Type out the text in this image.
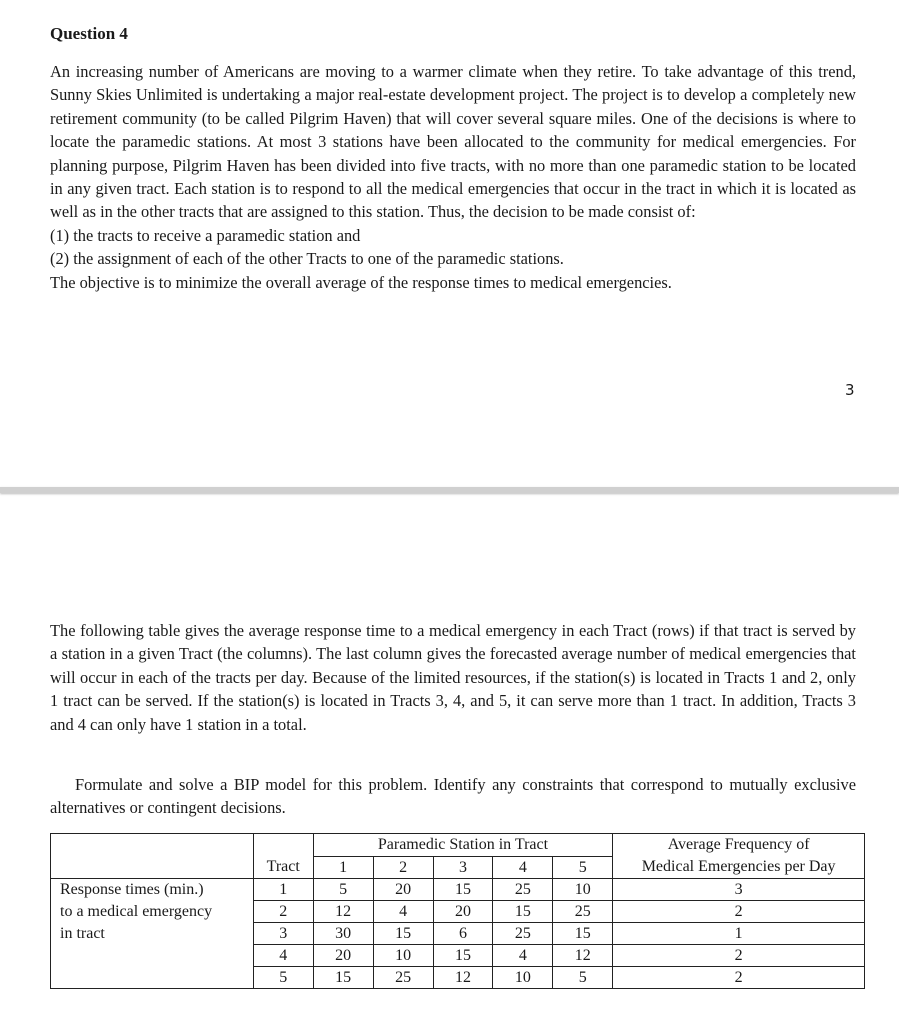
Question 4
An increasing number of Americans are moving to a warmer climate when they retire. To take advantage of this trend, Sunny Skies Unlimited is undertaking a major real-estate development project. The project is to develop a completely new retirement community (to be called Pilgrim Haven) that will cover several square miles. One of the decisions is where to locate the paramedic stations. At most 3 stations have been allocated to the community for medical emergencies. For planning purpose, Pilgrim Haven has been divided into five tracts, with no more than one paramedic station to be located in any given tract. Each station is to respond to all the medical emergencies that occur in the tract in which it is located as well as in the other tracts that are assigned to this station. Thus, the decision to be made consist of:
(1) the tracts to receive a paramedic station and
(2) the assignment of each of the other Tracts to one of the paramedic stations.
The objective is to minimize the overall average of the response times to medical emergencies.

3

The following table gives the average response time to a medical emergency in each Tract (rows) if that tract is served by a station in a given Tract (the columns). The last column gives the forecasted average number of medical emergencies that will occur in each of the tracts per day. Because of the limited resources, if the station(s) is located in Tracts 1 and 2, only 1 tract can be served. If the station(s) is located in Tracts 3, 4, and 5, it can serve more than 1 tract. In addition, Tracts 3 and 4 can only have 1 station in a total.

Formulate and solve a BIP model for this problem. Identify any constraints that correspond to mutually exclusive alternatives or contingent decisions.

		Paramedic Station in Tract					Average Frequency of
	Tract	1	2	3	4	5	Medical Emergencies per Day
Response times (min.)	1	5	20	15	25	10	3
to a medical emergency	2	12	4	20	15	25	2
in tract	3	30	15	6	25	15	1
	4	20	10	15	4	12	2
	5	15	25	12	10	5	2
